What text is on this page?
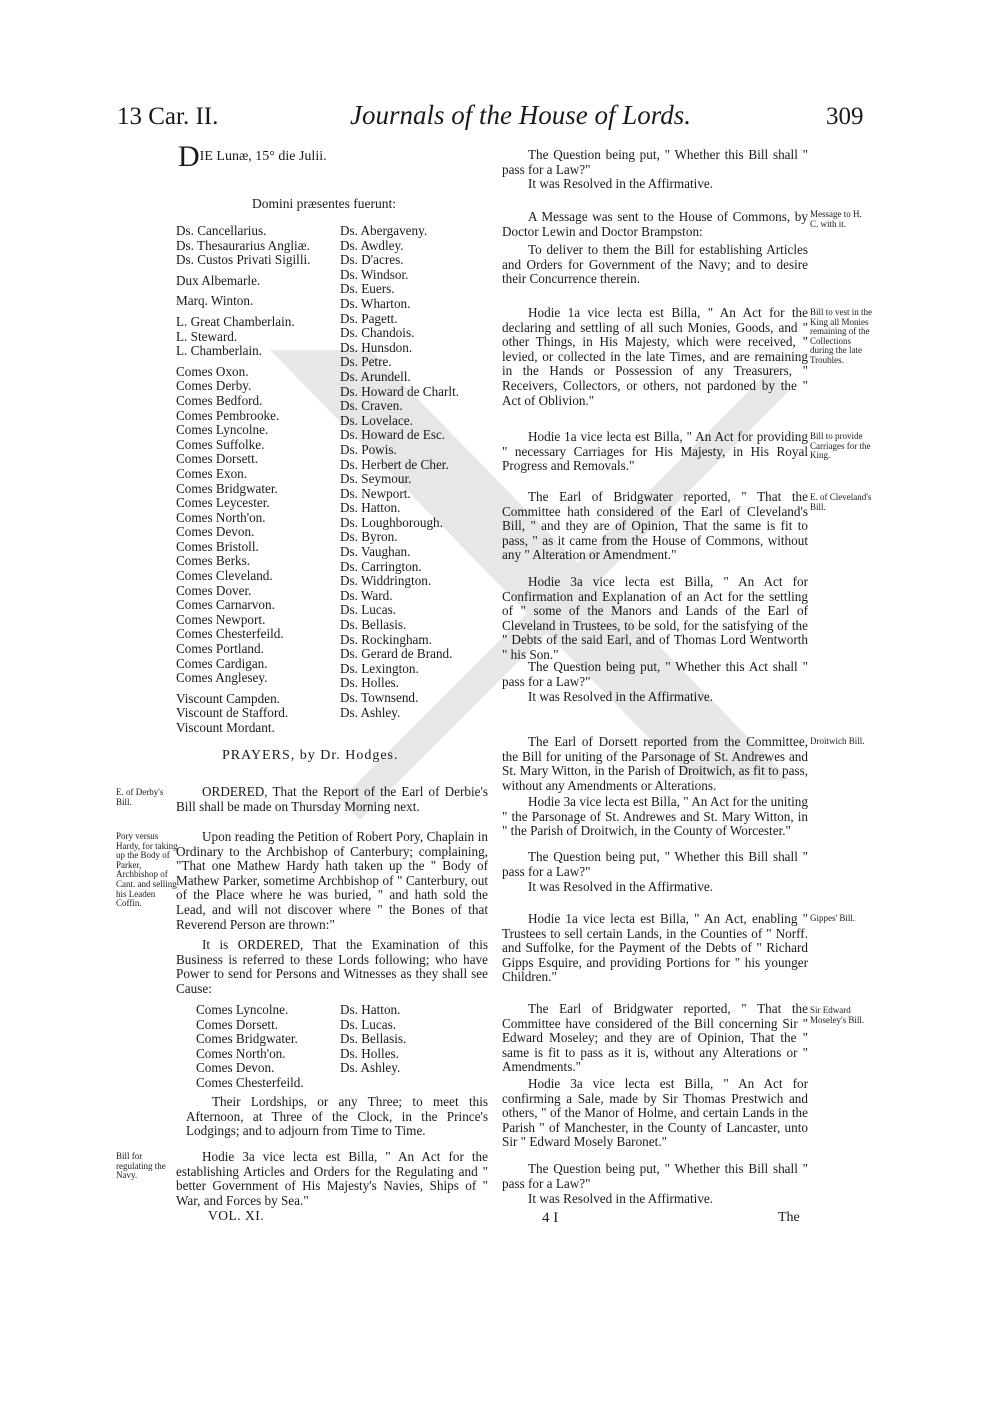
13 Car. II.	Journals of the House of Lords.	309
DIE Lunæ, 15° die Julii.
Domini præsentes fuerunt:
Ds. Cancellarius.
Ds. Thesaurarius Angliæ.
Ds. Custos Privati Sigilli.
Dux Albemarle.
Marq. Winton.
L. Great Chamberlain.
L. Steward.
L. Chamberlain.
Comes Oxon.
Comes Derby.
Comes Bedford.
Comes Pembrooke.
Comes Lyncolne.
Comes Suffolke.
Comes Dorsett.
Comes Exon.
Comes Bridgwater.
Comes Leycester.
Comes North'on.
Comes Devon.
Comes Bristoll.
Comes Berks.
Comes Cleveland.
Comes Dover.
Comes Carnarvon.
Comes Newport.
Comes Chesterfeild.
Comes Portland.
Comes Cardigan.
Comes Anglesey.
Viscount Campden.
Viscount de Stafford.
Viscount Mordant.
Ds. Abergaveny.
Ds. Awdley.
Ds. D'acres.
Ds. Windsor.
Ds. Euers.
Ds. Wharton.
Ds. Pagett.
Ds. Chandois.
Ds. Hunsdon.
Ds. Petre.
Ds. Arundell.
Ds. Howard de Charlt.
Ds. Craven.
Ds. Lovelace.
Ds. Howard de Esc.
Ds. Powis.
Ds. Herbert de Cher.
Ds. Seymour.
Ds. Newport.
Ds. Hatton.
Ds. Loughborough.
Ds. Byron.
Ds. Vaughan.
Ds. Carrington.
Ds. Widdrington.
Ds. Ward.
Ds. Lucas.
Ds. Bellasis.
Ds. Rockingham.
Ds. Gerard de Brand.
Ds. Lexington.
Ds. Holles.
Ds. Townsend.
Ds. Ashley.
PRAYERS, by Dr. Hodges.
E. of Derby's Bill.

ORDERED, That the Report of the Earl of Derbie's Bill shall be made on Thursday Morning next.

Pory versus Hardy, for taking up the Body of Parker, Archbishop of Cant. and selling his Leaden Coffin.

Upon reading the Petition of Robert Pory, Chaplain in Ordinary to the Archbishop of Canterbury; complaining, "That one Mathew Hardy hath taken up the " Body of Mathew Parker, sometime Archbishop of " Canterbury, out of the Place where he was buried, " and hath sold the Lead, and will not discover where " the Bones of that Reverend Person are thrown:"

It is ORDERED, That the Examination of this Business is referred to these Lords following; who have Power to send for Persons and Witnesses as they shall see Cause:

Comes Lyncolne.
Comes Dorsett.
Comes Bridgwater.
Comes North'on.
Comes Devon.
Comes Chesterfeild.
Ds. Hatton.
Ds. Lucas.
Ds. Bellasis.
Ds. Holles.
Ds. Ashley.

Their Lordships, or any Three; to meet this Afternoon, at Three of the Clock, in the Prince's Lodgings; and to adjourn from Time to Time.

Bill for regulating the Navy.

Hodie 3a vice lecta est Billa, " An Act for the establishing Articles and Orders for the Regulating and " better Government of His Majesty's Navies, Ships of " War, and Forces by Sea."

VOL. XI.

The Question being put, " Whether this Bill shall " pass for a Law?"

It was Resolved in the Affirmative.

Message to H. C. with it.

A Message was sent to the House of Commons, by Doctor Lewin and Doctor Brampston:

To deliver to them the Bill for establishing Articles and Orders for Government of the Navy; and to desire their Concurrence therein.

Bill to vest in the King all Monies remaining of the Collections during the late Troubles.

Hodie 1a vice lecta est Billa, " An Act for the declaring and settling of all such Monies, Goods, and " other Things, in His Majesty, which were received, " levied, or collected in the late Times, and are remaining in the Hands or Possession of any Treasurers, " Receivers, Collectors, or others, not pardoned by the " Act of Oblivion."

Bill to provide Carriages for the King.

Hodie 1a vice lecta est Billa, " An Act for providing " necessary Carriages for His Majesty, in His Royal Progress and Removals."

E. of Cleveland's Bill.

The Earl of Bridgwater reported, " That the Committee hath considered of the Earl of Cleveland's Bill, " and they are of Opinion, That the same is fit to pass, " as it came from the House of Commons, without any " Alteration or Amendment."

Hodie 3a vice lecta est Billa, " An Act for Confirmation and Explanation of an Act for the settling of " some of the Manors and Lands of the Earl of Cleveland in Trustees, to be sold, for the satisfying of the " Debts of the said Earl, and of Thomas Lord Wentworth " his Son."

The Question being put, " Whether this Act shall " pass for a Law?"

It was Resolved in the Affirmative.

Droitwich Bill.

The Earl of Dorsett reported from the Committee, the Bill for uniting of the Parsonage of St. Andrewes and St. Mary Witton, in the Parish of Droitwich, as fit to pass, without any Amendments or Alterations.

Hodie 3a vice lecta est Billa, " An Act for the uniting " the Parsonage of St. Andrewes and St. Mary Witton, in " the Parish of Droitwich, in the County of Worcester."

The Question being put, " Whether this Bill shall " pass for a Law?"

It was Resolved in the Affirmative.

Gippes' Bill.

Hodie 1a vice lecta est Billa, " An Act, enabling " Trustees to sell certain Lands, in the Counties of " Norff. and Suffolke, for the Payment of the Debts of " Richard Gipps Esquire, and providing Portions for " his younger Children."

Sir Edward Moseley's Bill.

The Earl of Bridgwater reported, " That the Committee have considered of the Bill concerning Sir " Edward Moseley; and they are of Opinion, That the " same is fit to pass as it is, without any Alterations or " Amendments."

Hodie 3a vice lecta est Billa, " An Act for confirming a Sale, made by Sir Thomas Prestwich and others, " of the Manor of Holme, and certain Lands in the Parish " of Manchester, in the County of Lancaster, unto Sir " Edward Mosely Baronet."

The Question being put, " Whether this Bill shall " pass for a Law?"

It was Resolved in the Affirmative.

4 I	The
